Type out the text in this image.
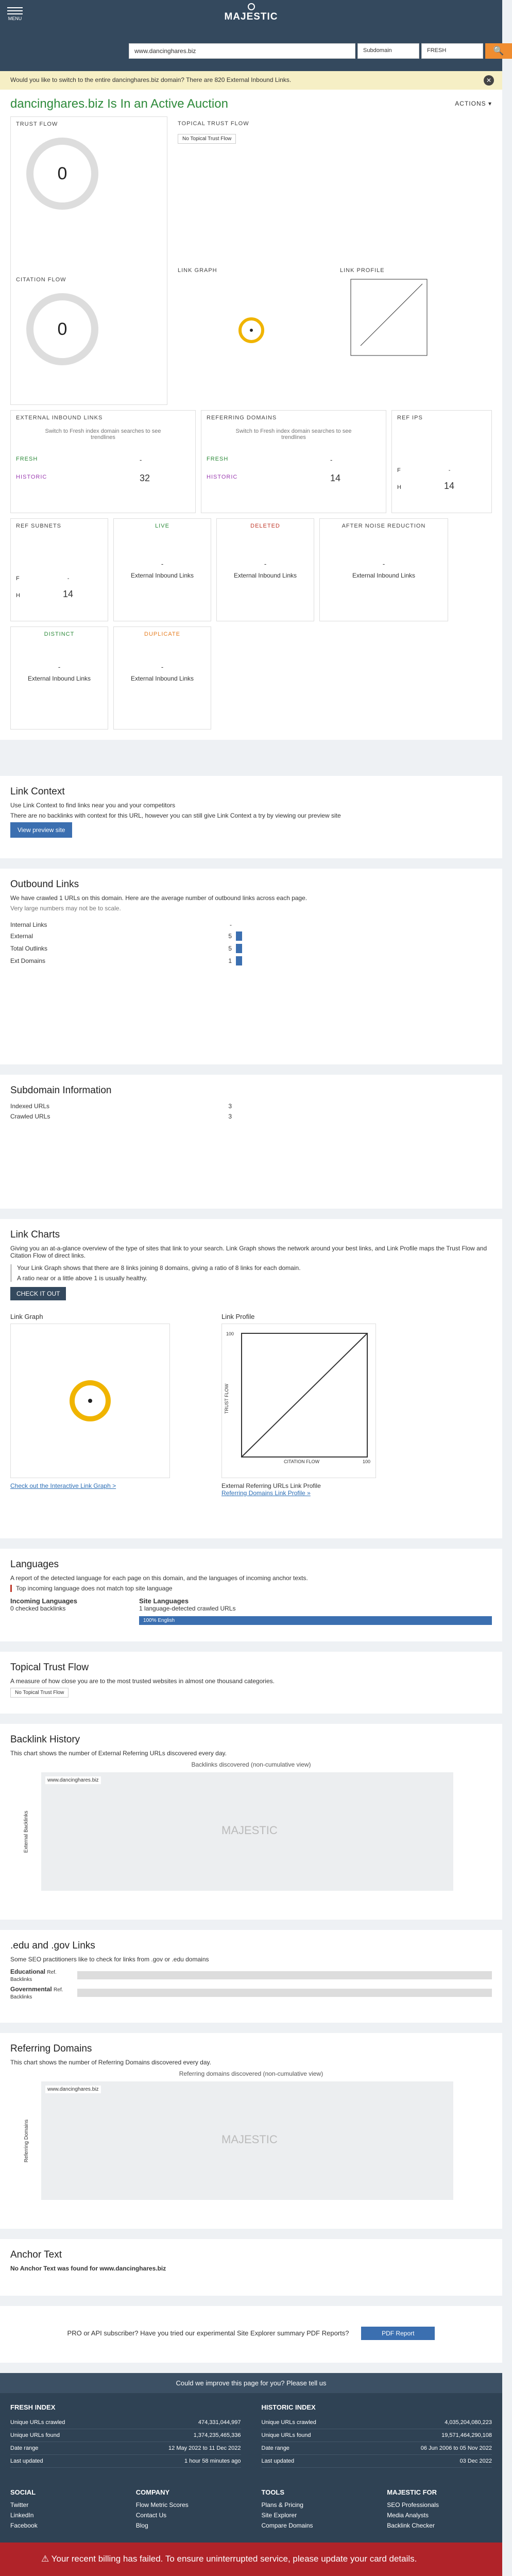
MENU	MAJESTIC
www.dancinghares.biz	Subdomain	FRESH	🔍
Would you like to switch to the entire dancinghares.biz domain? There are 820 External Inbound Links.	✕
dancinghares.biz Is In an Active Auction	ACTIONS ▾
TRUST FLOW
0
CITATION FLOW
0
TOPICAL TRUST FLOW
No Topical Trust Flow
LINK GRAPH	LINK PROFILE
EXTERNAL INBOUND LINKS

Switch to Fresh index domain searches to see trendlines

FRESH	-
HISTORIC	32
REFERRING DOMAINS

Switch to Fresh index domain searches to see trendlines

FRESH	-
HISTORIC	14
REF IPS
F	-
H	14
REF SUBNETS
F	-
H	14
LIVE
-
External Inbound Links
DELETED
-
External Inbound Links
AFTER NOISE REDUCTION
-
External Inbound Links
DISTINCT
-
External Inbound Links
DUPLICATE
-
External Inbound Links
Link Context

Use Link Context to find links near you and your competitors

There are no backlinks with context for this URL, however you can still give Link Context a try by viewing our preview site

View preview site
Outbound Links

We have crawled 1 URLs on this domain. Here are the average number of outbound links across each page.

Very large numbers may not be to scale.

Internal Links	-
External	5
Total Outlinks	5
Ext Domains	1
Subdomain Information
Indexed URLs	3
Crawled URLs	3
Link Charts

Giving you an at-a-glance overview of the type of sites that link to your search. Link Graph shows the network around your best links, and Link Profile maps the Trust Flow and Citation Flow of direct links.

Your Link Graph shows that there are 8 links joining 8 domains, giving a ratio of 8 links for each domain.

A ratio near or a little above 1 is usually healthy.

CHECK IT OUT
Link Graph
Check out the Interactive Link Graph >
Link Profile
100
TRUST FLOW
CITATION FLOW	100
External Referring URLs Link Profile
Referring Domains Link Profile »
Languages

A report of the detected language for each page on this domain, and the languages of incoming anchor texts.

Top incoming language does not match top site language

Incoming Languages
0 checked backlinks
Site Languages
1 language-detected crawled URLs
100% English
Topical Trust Flow

A measure of how close you are to the most trusted websites in almost one thousand categories.

No Topical Trust Flow
Backlink History

This chart shows the number of External Referring URLs discovered every day.

Backlinks discovered (non-cumulative view)
www.dancinghares.biz
MAJESTIC
External Backlinks
.edu and .gov Links

Some SEO practitioners like to check for links from .gov or .edu domains

Educational Ref. Backlinks
Governmental Ref. Backlinks
Referring Domains

This chart shows the number of Referring Domains discovered every day.

Referring domains discovered (non-cumulative view)
www.dancinghares.biz
MAJESTIC
Referring Domains
Anchor Text

No Anchor Text was found for www.dancinghares.biz

PRO or API subscriber? Have you tried our experimental Site Explorer summary PDF Reports?	PDF Report
Could we improve this page for you? Please tell us
FRESH INDEX
Unique URLs crawled	474,331,044,997
Unique URLs found	1,374,235,465,336
Date range	12 May 2022 to 11 Dec 2022
Last updated	1 hour 58 minutes ago
HISTORIC INDEX
Unique URLs crawled	4,035,204,080,223
Unique URLs found	19,571,464,290,108
Date range	06 Jun 2006 to 05 Nov 2022
Last updated	03 Dec 2022
SOCIAL
Twitter
LinkedIn
Facebook
COMPANY
Flow Metric Scores
Contact Us
Blog
TOOLS
Plans & Pricing
Site Explorer
Compare Domains
MAJESTIC FOR
SEO Professionals
Media Analysts
Backlink Checker
⚠ Your recent billing has failed. To ensure uninterrupted service, please update your card details.
